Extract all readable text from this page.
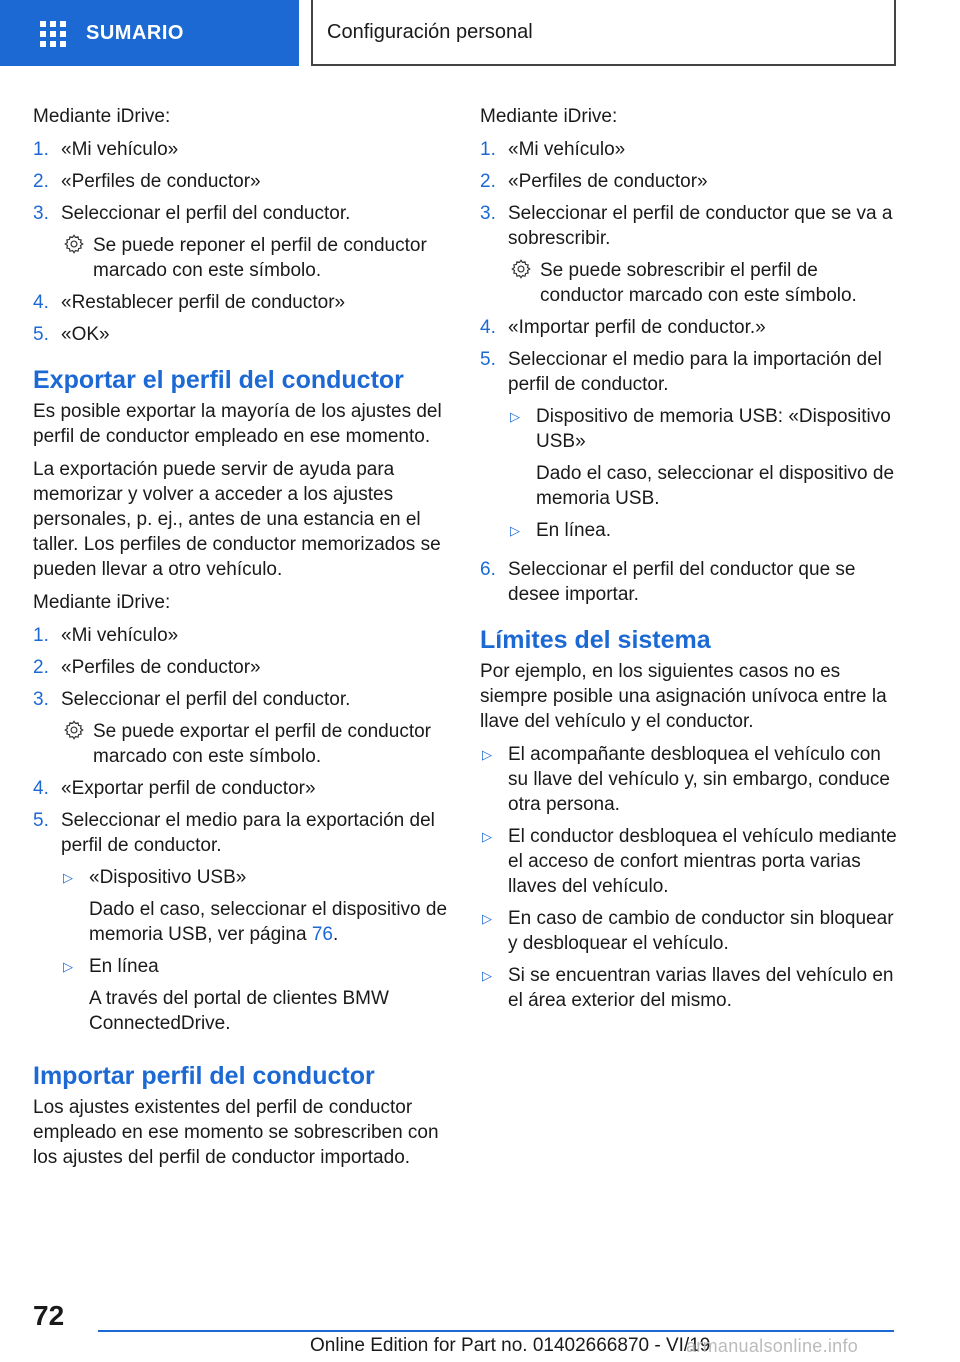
SUMARIO	Configuración personal

Mediante iDrive:

1. «Mi vehículo»
2. «Perfiles de conductor»
3. Seleccionar el perfil del conductor.
Se puede reponer el perfil de conductor marcado con este símbolo.
4. «Restablecer perfil de conductor»
5. «OK»
Exportar el perfil del conductor

Es posible exportar la mayoría de los ajustes del perfil de conductor empleado en ese momento.

La exportación puede servir de ayuda para memorizar y volver a acceder a los ajustes personales, p. ej., antes de una estancia en el taller. Los perfiles de conductor memorizados se pueden llevar a otro vehículo.

Mediante iDrive:

1. «Mi vehículo»
2. «Perfiles de conductor»
3. Seleccionar el perfil del conductor.
Se puede exportar el perfil de conductor marcado con este símbolo.
4. «Exportar perfil de conductor»
5. Seleccionar el medio para la exportación del perfil de conductor.
▷ «Dispositivo USB»

Dado el caso, seleccionar el dispositivo de memoria USB, ver página 76.

▷ En línea

A través del portal de clientes BMW ConnectedDrive.

Importar perfil del conductor

Los ajustes existentes del perfil de conductor empleado en ese momento se sobrescriben con los ajustes del perfil de conductor importado.

Mediante iDrive:

1. «Mi vehículo»
2. «Perfiles de conductor»
3. Seleccionar el perfil de conductor que se va a sobrescribir.
Se puede sobrescribir el perfil de conductor marcado con este símbolo.
4. «Importar perfil de conductor.»
5. Seleccionar el medio para la importación del perfil de conductor.
▷ Dispositivo de memoria USB: «Dispositivo USB»

Dado el caso, seleccionar el dispositivo de memoria USB.

▷ En línea.

6. Seleccionar el perfil del conductor que se desee importar.
Límites del sistema

Por ejemplo, en los siguientes casos no es siempre posible una asignación unívoca entre la llave del vehículo y el conductor.

▷ El acompañante desbloquea el vehículo con su llave del vehículo y, sin embargo, conduce otra persona.
▷ El conductor desbloquea el vehículo mediante el acceso de confort mientras porta varias llaves del vehículo.
▷ En caso de cambio de conductor sin bloquear y desbloquear el vehículo.
▷ Si se encuentran varias llaves del vehículo en el área exterior del mismo.
72
Online Edition for Part no. 01402666870 - VI/19
armanualsonline.info
